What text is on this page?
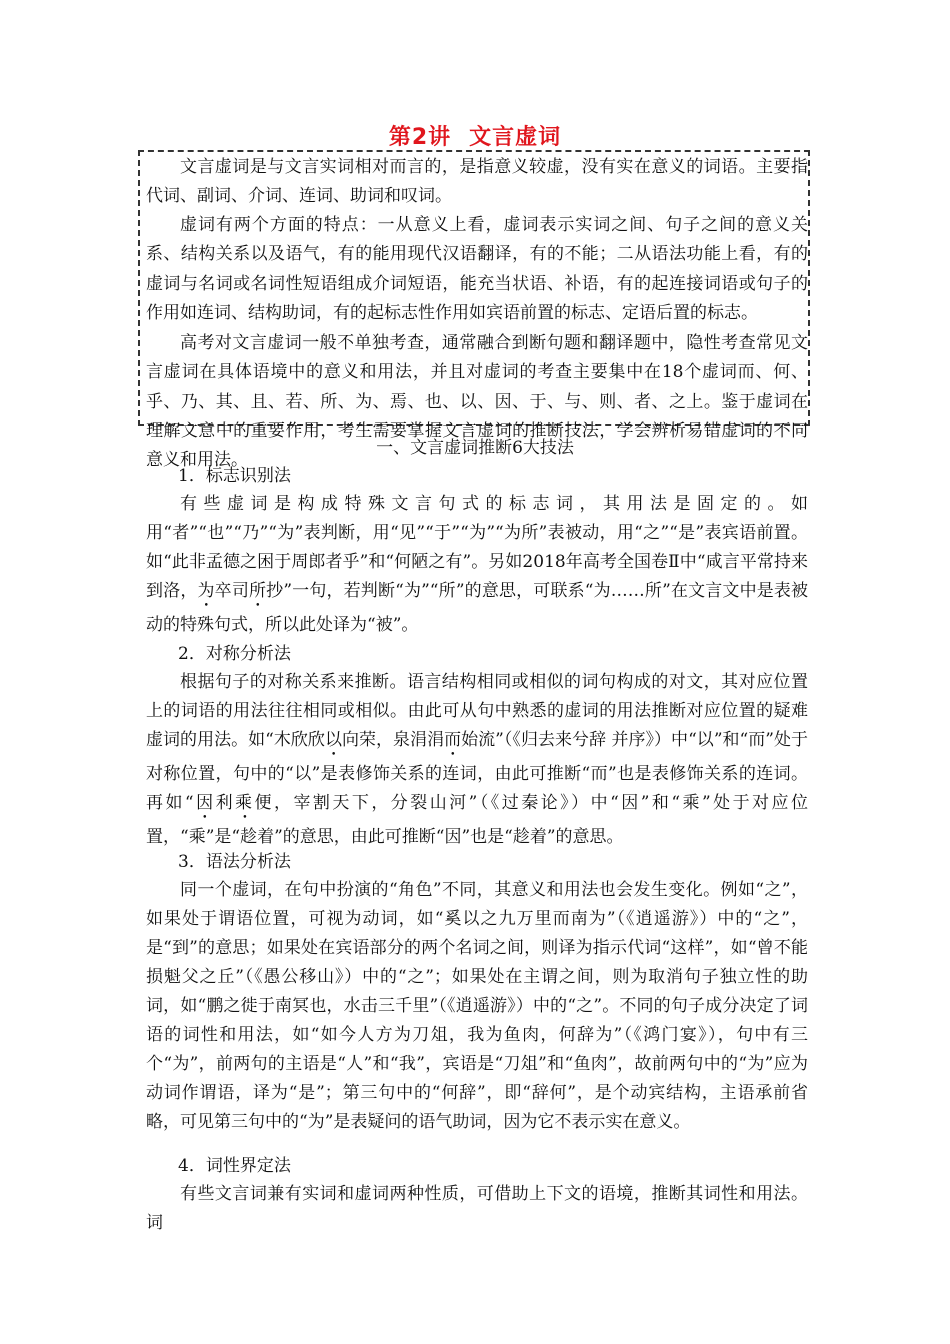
第2讲 文言虚词

文言虚词是与文言实词相对而言的，是指意义较虚，没有实在意义的词语。主要指代词、副词、介词、连词、助词和叹词。

虚词有两个方面的特点：一从意义上看，虚词表示实词之间、句子之间的意义关系、结构关系以及语气，有的能用现代汉语翻译，有的不能；二从语法功能上看，有的虚词与名词或名词性短语组成介词短语，能充当状语、补语，有的起连接词语或句子的作用如连词、结构助词，有的起标志性作用如宾语前置的标志、定语后置的标志。

高考对文言虚词一般不单独考查，通常融合到断句题和翻译题中，隐性考查常见文言虚词在具体语境中的意义和用法，并且对虚词的考查主要集中在18个虚词而、何、乎、乃、其、且、若、所、为、焉、也、以、因、于、与、则、者、之上。鉴于虚词在理解文意中的重要作用，考生需要掌握文言虚词的推断技法，学会辨析易错虚词的不同意义和用法。

一、文言虚词推断6大技法
1．标志识别法

有些虚词是构成特殊文言句式的标志词，其用法是固定的。如用“者”“也”“乃”“为”表判断，用“见”“于”“为”“为所”表被动，用“之”“是”表宾语前置。如“此非孟德之困于周郎者乎”和“何陋之有”。另如2018年高考全国卷Ⅱ中“咸言平常持来到洛，为卒司所抄”一句，若判断“为”“所”的意思，可联系“为……所”在文言文中是表被动的特殊句式，所以此处译为“被”。

2．对称分析法

根据句子的对称关系来推断。语言结构相同或相似的词句构成的对文，其对应位置上的词语的用法往往相同或相似。由此可从句中熟悉的虚词的用法推断对应位置的疑难虚词的用法。如“木欣欣以向荣，泉涓涓而始流”（《归去来兮辞 并序》）中“以”和“而”处于对称位置，句中的“以”是表修饰关系的连词，由此可推断“而”也是表修饰关系的连词。再如“因利乘便，宰割天下，分裂山河”（《过秦论》）中“因”和“乘”处于对应位置，“乘”是“趁着”的意思，由此可推断“因”也是“趁着”的意思。

3．语法分析法

同一个虚词，在句中扮演的“角色”不同，其意义和用法也会发生变化。例如“之”，如果处于谓语位置，可视为动词，如“奚以之九万里而南为”（《逍遥游》）中的“之”，是“到”的意思；如果处在宾语部分的两个名词之间，则译为指示代词“这样”，如“曾不能损魁父之丘”（《愚公移山》）中的“之”；如果处在主谓之间，则为取消句子独立性的助词，如“鹏之徙于南冥也，水击三千里”（《逍遥游》）中的“之”。不同的句子成分决定了词语的词性和用法，如“如今人方为刀俎，我为鱼肉，何辞为”（《鸿门宴》），句中有三个“为”，前两句的主语是“人”和“我”，宾语是“刀俎”和“鱼肉”，故前两句中的“为”应为动词作谓语，译为“是”；第三句中的“何辞”，即“辞何”，是个动宾结构，主语承前省略，可见第三句中的“为”是表疑问的语气助词，因为它不表示实在意义。

4．词性界定法

有些文言词兼有实词和虚词两种性质，可借助上下文的语境，推断其词性和用法。词
